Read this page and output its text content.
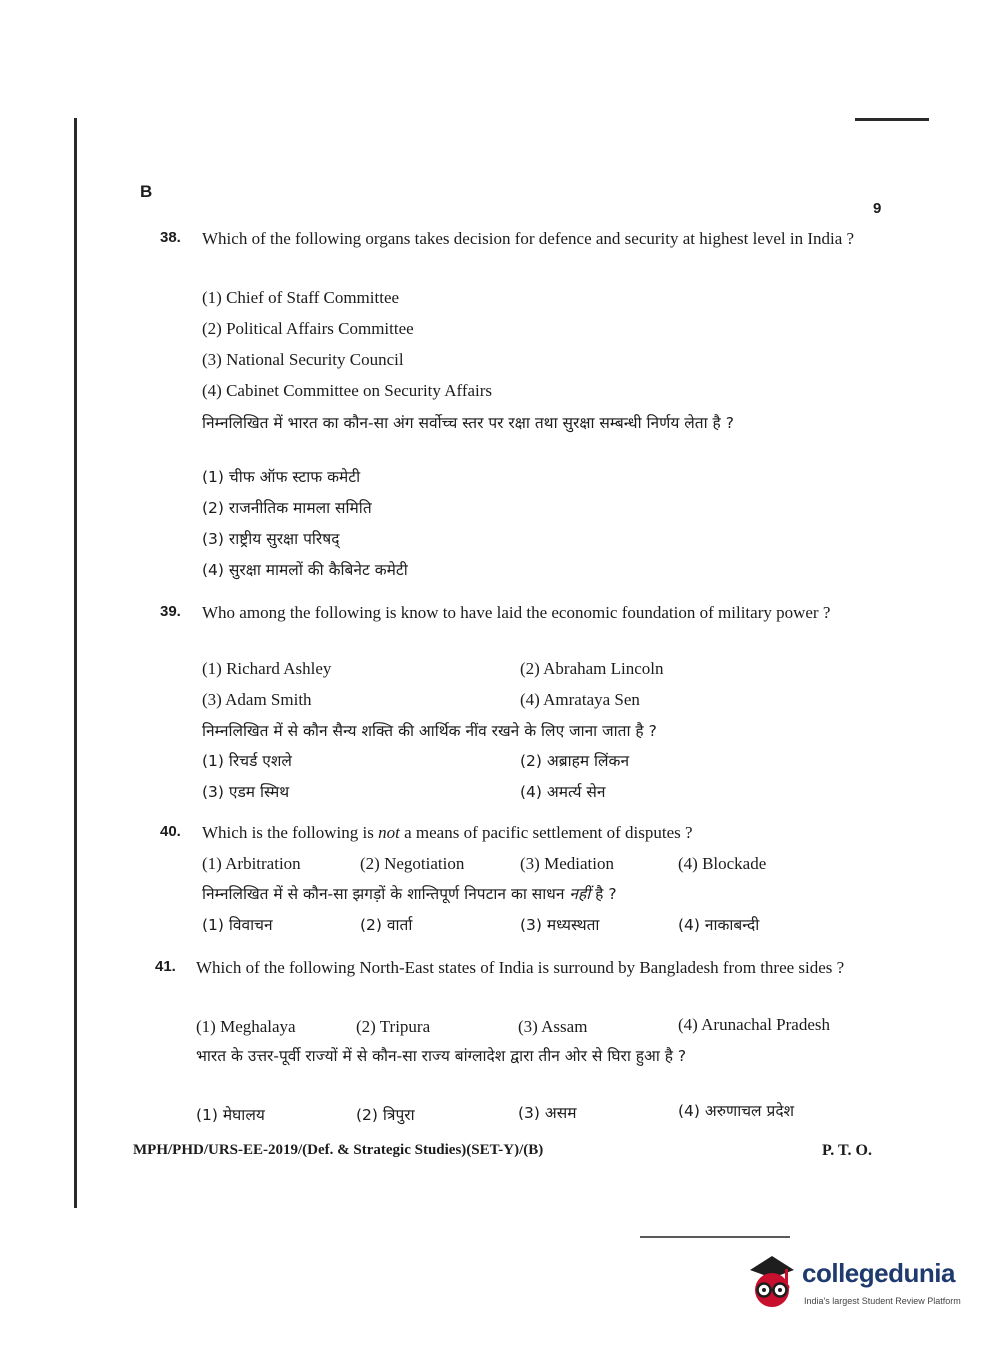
B
9
38. Which of the following organs takes decision for defence and security at highest level in India ?
(1) Chief of Staff Committee
(2) Political Affairs Committee
(3) National Security Council
(4) Cabinet Committee on Security Affairs
निम्नलिखित में भारत का कौन-सा अंग सर्वोच्च स्तर पर रक्षा तथा सुरक्षा सम्बन्धी निर्णय लेता है ?
(1) चीफ ऑफ स्टाफ कमेटी
(2) राजनीतिक मामला समिति
(3) राष्ट्रीय सुरक्षा परिषद्
(4) सुरक्षा मामलों की कैबिनेट कमेटी
39. Who among the following is know to have laid the economic foundation of military power ?
(1) Richard Ashley	(2) Abraham Lincoln
(3) Adam Smith	(4) Amrataya Sen
निम्नलिखित में से कौन सैन्य शक्ति की आर्थिक नींव रखने के लिए जाना जाता है ?
(1) रिचर्ड एशले	(2) अब्राहम लिंकन
(3) एडम स्मिथ	(4) अमर्त्य सेन
40. Which is the following is not a means of pacific settlement of disputes ?
(1) Arbitration	(2) Negotiation	(3) Mediation	(4) Blockade
निम्नलिखित में से कौन-सा झगड़ों के शान्तिपूर्ण निपटान का साधन नहीं है ?
(1) विवाचन	(2) वार्ता	(3) मध्यस्थता	(4) नाकाबन्दी
41. Which of the following North-East states of India is surround by Bangladesh from three sides ?
(1) Meghalaya	(2) Tripura	(3) Assam	(4) Arunachal Pradesh
भारत के उत्तर-पूर्वी राज्यों में से कौन-सा राज्य बांग्लादेश द्वारा तीन ओर से घिरा हुआ है ?
(1) मेघालय	(2) त्रिपुरा	(3) असम	(4) अरुणाचल प्रदेश
MPH/PHD/URS-EE-2019/(Def. & Strategic Studies)(SET-Y)/(B)	P. T. O.
collegedunia
India's largest Student Review Platform
